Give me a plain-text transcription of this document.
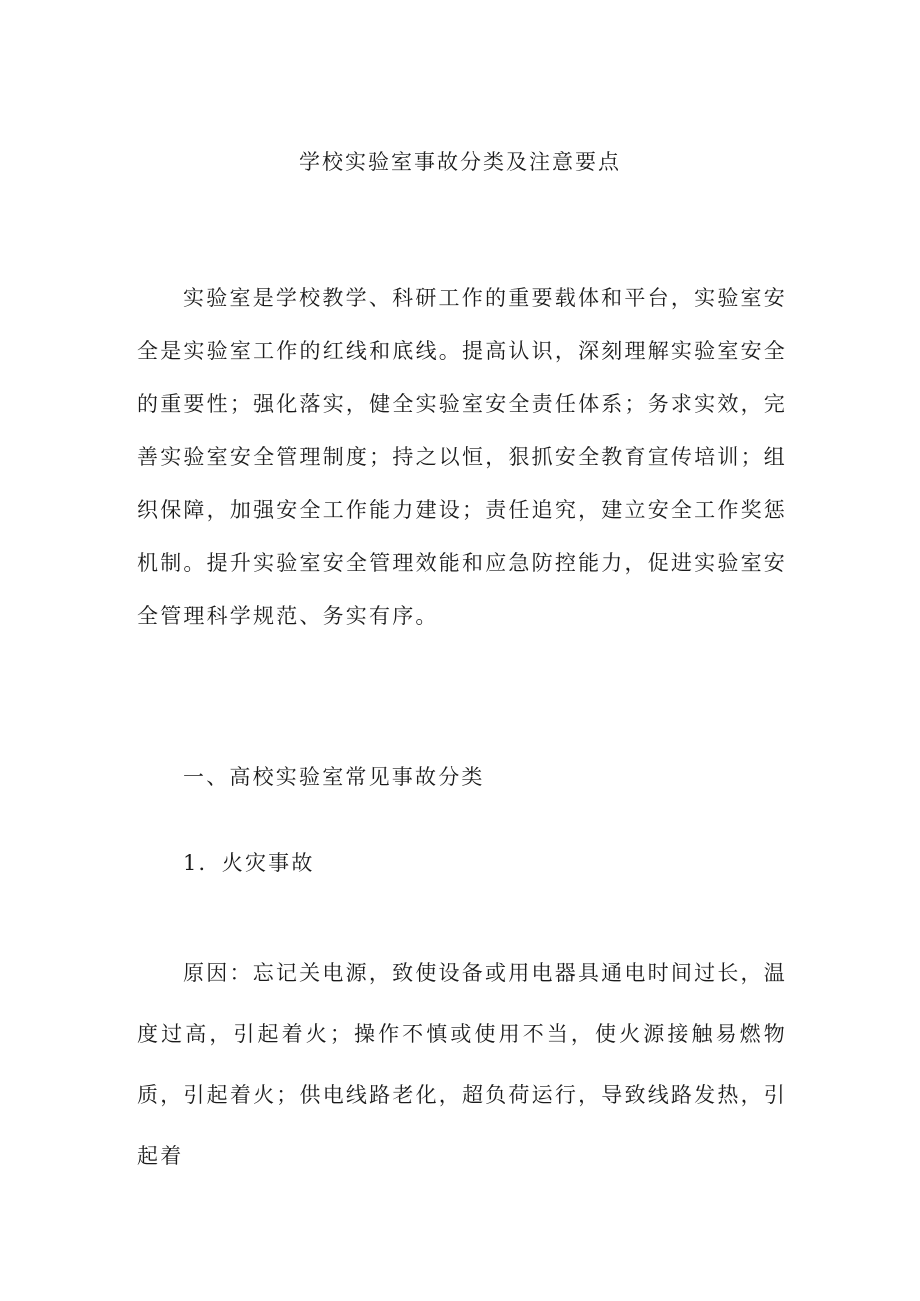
学校实验室事故分类及注意要点

实验室是学校教学、科研工作的重要载体和平台，实验室安全是实验室工作的红线和底线。提高认识，深刻理解实验室安全的重要性；强化落实，健全实验室安全责任体系；务求实效，完善实验室安全管理制度；持之以恒，狠抓安全教育宣传培训；组织保障，加强安全工作能力建设；责任追究，建立安全工作奖惩机制。提升实验室安全管理效能和应急防控能力，促进实验室安全管理科学规范、务实有序。

一、高校实验室常见事故分类

1．火灾事故

原因：忘记关电源，致使设备或用电器具通电时间过长，温度过高，引起着火；操作不慎或使用不当，使火源接触易燃物质，引起着火；供电线路老化，超负荷运行，导致线路发热，引起着
